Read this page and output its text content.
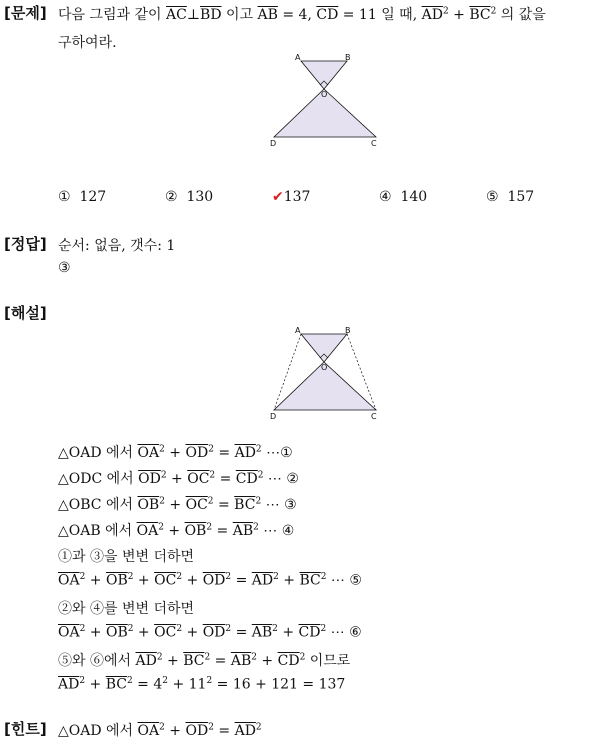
[문제] 다음 그림과 같이 $\overline{AC}\perp\overline{BD}$ 이고 $\overline{AB} = 4$, $\overline{CD} = 11$ 일 때, $\overline{AD}^2 + \overline{BC}^2$ 의 값을
구하여라.
A	B
O
D	C
① 127	② 130	✔137	④ 140	⑤ 157
[정답] 순서: 없음, 갯수: 1
③
[해설]
A	B
O
D	C
△OAD 에서 $\overline{OA}^2 + \overline{OD}^2 = \overline{AD}^2$ ⋯①
△ODC 에서 $\overline{OD}^2 + \overline{OC}^2 = \overline{CD}^2$ ⋯ ②
△OBC 에서 $\overline{OB}^2 + \overline{OC}^2 = \overline{BC}^2$ ⋯ ③
△OAB 에서 $\overline{OA}^2 + \overline{OB}^2 = \overline{AB}^2$ ⋯ ④
①과 ③을 변변 더하면
$\overline{OA}^2 + \overline{OB}^2 + \overline{OC}^2 + \overline{OD}^2 = \overline{AD}^2 + \overline{BC}^2$ ⋯ ⑤
②와 ④를 변변 더하면
$\overline{OA}^2 + \overline{OB}^2 + \overline{OC}^2 + \overline{OD}^2 = \overline{AB}^2 + \overline{CD}^2$ ⋯ ⑥
⑤와 ⑥에서 $\overline{AD}^2 + \overline{BC}^2 = \overline{AB}^2 + \overline{CD}^2$ 이므로
$\overline{AD}^2 + \overline{BC}^2 = 4^2 + 11^2 = 16 + 121 = 137$
[힌트] △OAD 에서 $\overline{OA}^2 + \overline{OD}^2 = \overline{AD}^2$
